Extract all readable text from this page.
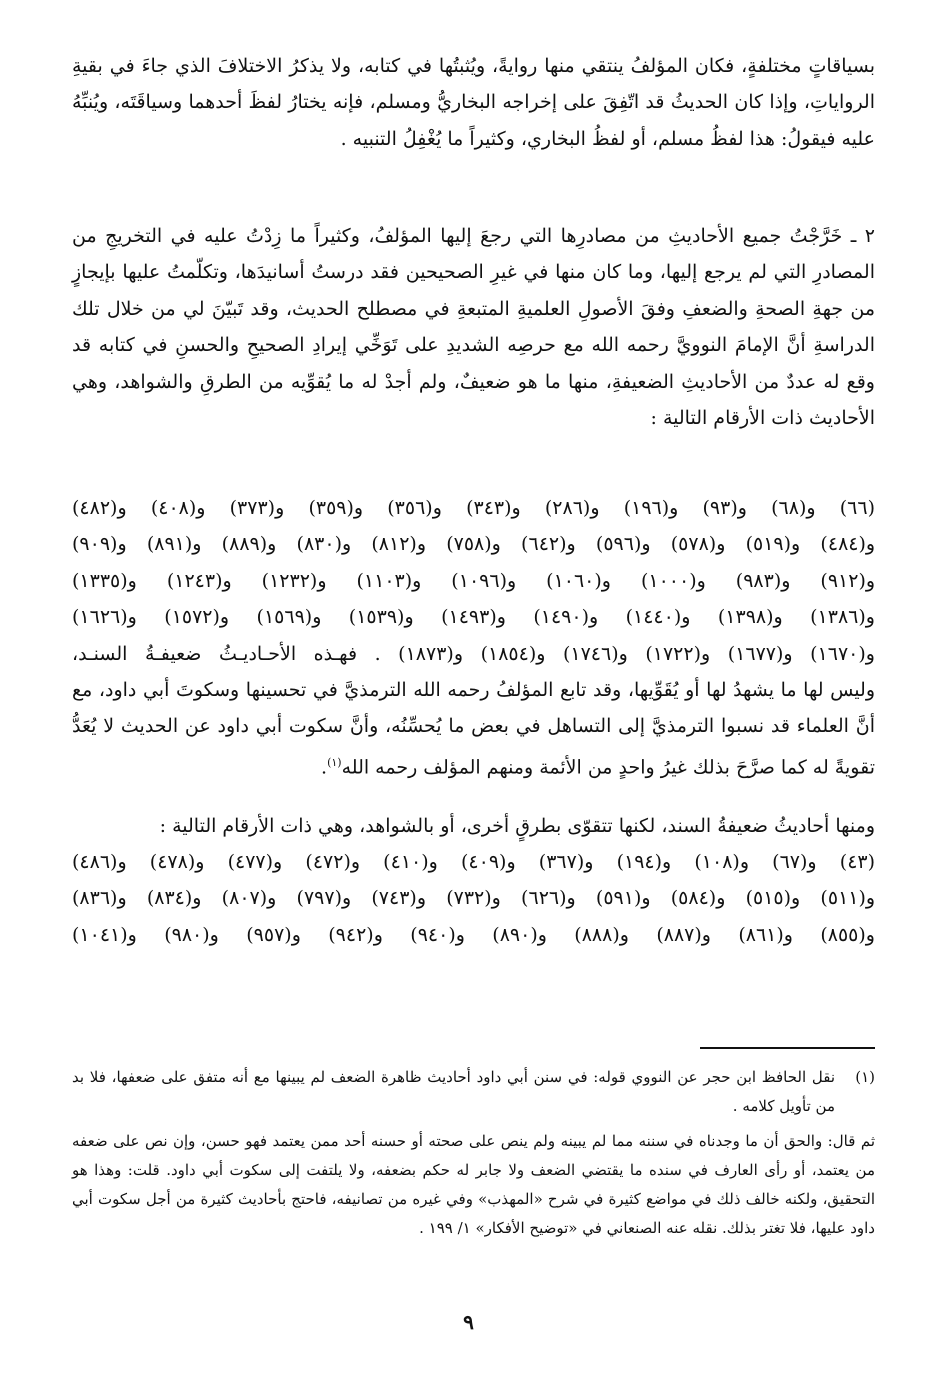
بسياقاتٍ مختلفةٍ، فكان المؤلفُ ينتقي منها روايةً، ويُثبتُها في كتابه، ولا يذكرُ الاختلافَ الذي جاءَ في بقيةِ الرواياتِ، وإذا كان الحديثُ قد اتّفِقَ على إخراجه البخاريُّ ومسلم، فإنه يختارُ لفظَ أحدهما وسياقَتَه، ويُنبِّهُ عليه فيقولُ: هذا لفظُ مسلم، أو لفظُ البخاري، وكثيراً ما يُغْفِلُ التنبيه .

٢ ـ خَرَّجْتُ جميع الأحاديثِ من مصادرِها التي رجعَ إليها المؤلفُ، وكثيراً ما زِدْتُ عليه في التخريجِ من المصادرِ التي لم يرجع إليها، وما كان منها في غيرِ الصحيحين فقد درستُ أسانيدَها، وتكلّمتُ عليها بإيجازٍ من جهةِ الصحةِ والضعفِ وفقَ الأصولِ العلميةِ المتبعةِ في مصطلح الحديث، وقد تَبيّنَ لي من خلال تلك الدراسةِ أنَّ الإمامَ النوويَّ رحمه الله مع حرصِه الشديدِ على تَوَخِّي إيرادِ الصحيحِ والحسنِ في كتابه قد وقع له عددٌ من الأحاديثِ الضعيفةِ، منها ما هو ضعيفٌ، ولم أجدْ له ما يُقوِّيه من الطرقِ والشواهد، وهي الأحاديث ذات الأرقام التالية :

(٦٦) و(٦٨) و(٩٣) و(١٩٦) و(٢٨٦) و(٣٤٣) و(٣٥٦) و(٣٥٩) و(٣٧٣) و(٤٠٨) و(٤٨٢)
و(٤٨٤) و(٥١٩) و(٥٧٨) و(٥٩٦) و(٦٤٢) و(٧٥٨) و(٨١٢) و(٨٣٠) و(٨٨٩) و(٨٩١) و(٩٠٩)
و(٩١٢) و(٩٨٣) و(١٠٠٠) و(١٠٦٠) و(١٠٩٦) و(١١٠٣) و(١٢٣٢) و(١٢٤٣) و(١٣٣٥)
و(١٣٨٦) و(١٣٩٨) و(١٤٤٠) و(١٤٩٠) و(١٤٩٣) و(١٥٣٩) و(١٥٦٩) و(١٥٧٢) و(١٦٢٦)
و(١٦٧٠) و(١٦٧٧) و(١٧٢٢) و(١٧٤٦) و(١٨٥٤) و(١٨٧٣) . فهـذه الأحـاديـثُ ضعيفـةُ السنـد،

وليس لها ما يشهدُ لها أو يُقَوِّيها، وقد تابع المؤلفُ رحمه الله الترمذيَّ في تحسينها وسكوتَ أبي داود، مع أنَّ العلماء قد نسبوا الترمذيَّ إلى التساهل في بعض ما يُحسِّنُه، وأنَّ سكوت أبي داود عن الحديث لا يُعَدُّ تقويةً له كما صرَّحَ بذلك غيرُ واحدٍ من الأئمة ومنهم المؤلف رحمه الله$^{(١)}$.

ومنها أحاديثُ ضعيفةُ السند، لكنها تتقوّى بطرقٍ أخرى، أو بالشواهد، وهي ذات الأرقام التالية :

(٤٣) و(٦٧) و(١٠٨) و(١٩٤) و(٣٦٧) و(٤٠٩) و(٤١٠) و(٤٧٢) و(٤٧٧) و(٤٧٨) و(٤٨٦)
و(٥١١) و(٥١٥) و(٥٨٤) و(٥٩١) و(٦٢٦) و(٧٣٢) و(٧٤٣) و(٧٩٧) و(٨٠٧) و(٨٣٤) و(٨٣٦)
و(٨٥٥) و(٨٦١) و(٨٨٧) و(٨٨٨) و(٨٩٠) و(٩٤٠) و(٩٤٢) و(٩٥٧) و(٩٨٠) و(١٠٤١)
(١)
نقل الحافظ ابن حجر عن النووي قوله: في سنن أبي داود أحاديث ظاهرة الضعف لم يبينها مع أنه متفق على ضعفها، فلا بد من تأويل كلامه .
ثم قال: والحق أن ما وجدناه في سننه مما لم يبينه ولم ينص على صحته أو حسنه أحد ممن يعتمد فهو حسن، وإن نص على ضعفه من يعتمد، أو رأى العارف في سنده ما يقتضي الضعف ولا جابر له حكم بضعفه، ولا يلتفت إلى سكوت أبي داود. قلت: وهذا هو التحقيق، ولكنه خالف ذلك في مواضع كثيرة في شرح «المهذب» وفي غيره من تصانيفه، فاحتج بأحاديث كثيرة من أجل سكوت أبي داود عليها، فلا تغتر بذلك. نقله عنه الصنعاني في «توضيح الأفكار» ١/ ١٩٩ .
٩
